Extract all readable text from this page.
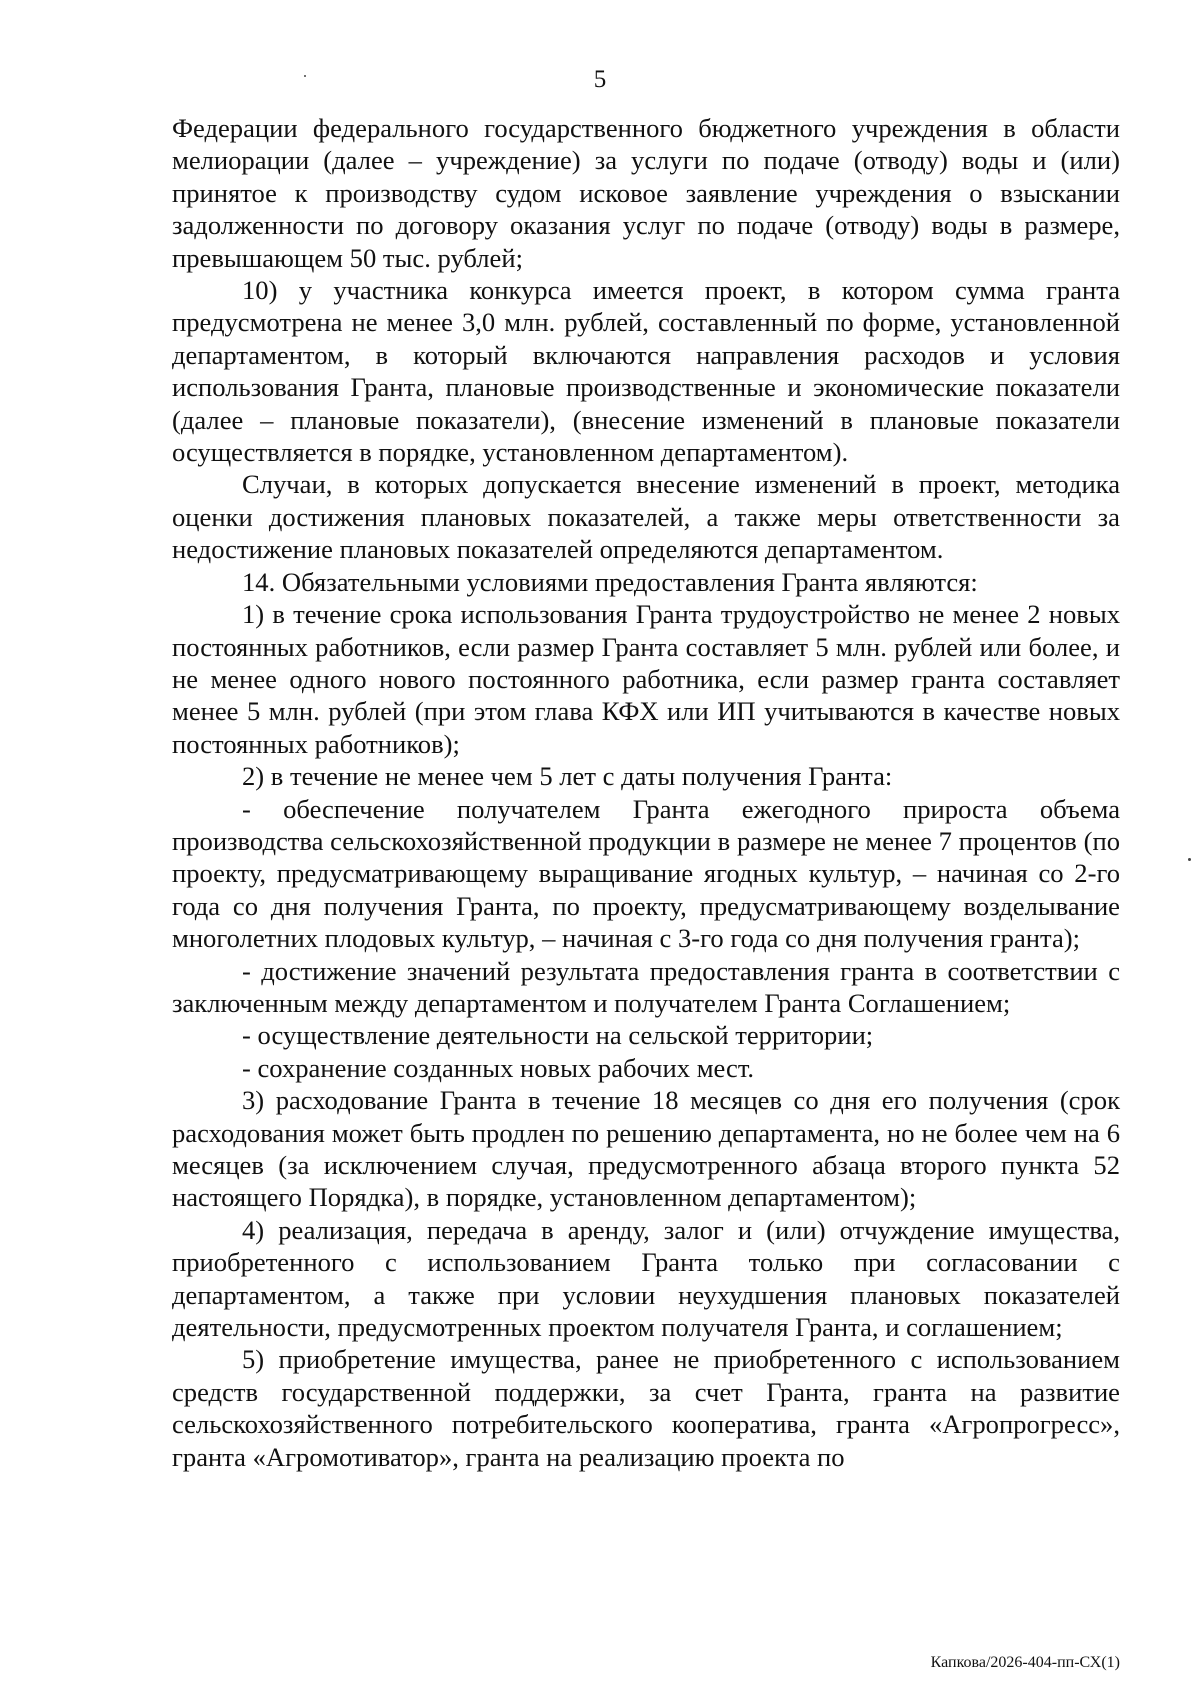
5

Федерации федерального государственного бюджетного учреждения в области мелиорации (далее – учреждение) за услуги по подаче (отводу) воды и (или) принятое к производству судом исковое заявление учреждения о взыскании задолженности по договору оказания услуг по подаче (отводу) воды в размере, превышающем 50 тыс. рублей;

10) у участника конкурса имеется проект, в котором сумма гранта предусмотрена не менее 3,0 млн. рублей, составленный по форме, установленной департаментом, в который включаются направления расходов и условия использования Гранта, плановые производственные и экономические показатели (далее – плановые показатели), (внесение изменений в плановые показатели осуществляется в порядке, установленном департаментом).

Случаи, в которых допускается внесение изменений в проект, методика оценки достижения плановых показателей, а также меры ответственности за недостижение плановых показателей определяются департаментом.

14. Обязательными условиями предоставления Гранта являются:

1) в течение срока использования Гранта трудоустройство не менее 2 новых постоянных работников, если размер Гранта составляет 5 млн. рублей или более, и не менее одного нового постоянного работника, если размер гранта составляет менее 5 млн. рублей (при этом глава КФХ или ИП учитываются в качестве новых постоянных работников);

2) в течение не менее чем 5 лет с даты получения Гранта:

- обеспечение получателем Гранта ежегодного прироста объема производства сельскохозяйственной продукции в размере не менее 7 процентов (по проекту, предусматривающему выращивание ягодных культур, – начиная со 2-го года со дня получения Гранта, по проекту, предусматривающему возделывание многолетних плодовых культур, – начиная с 3-го года со дня получения гранта);

- достижение значений результата предоставления гранта в соответствии с заключенным между департаментом и получателем Гранта Соглашением;

- осуществление деятельности на сельской территории;

- сохранение созданных новых рабочих мест.

3) расходование Гранта в течение 18 месяцев со дня его получения (срок расходования может быть продлен по решению департамента, но не более чем на 6 месяцев (за исключением случая, предусмотренного абзаца второго пункта 52 настоящего Порядка), в порядке, установленном департаментом);

4) реализация, передача в аренду, залог и (или) отчуждение имущества, приобретенного с использованием Гранта только при согласовании с департаментом, а также при условии неухудшения плановых показателей деятельности, предусмотренных проектом получателя Гранта, и соглашением;

5) приобретение имущества, ранее не приобретенного с использованием средств государственной поддержки, за счет Гранта, гранта на развитие сельскохозяйственного потребительского кооператива, гранта «Агропрогресс», гранта «Агромотиватор», гранта на реализацию проекта по

Капкова/2026-404-пп-СХ(1)
